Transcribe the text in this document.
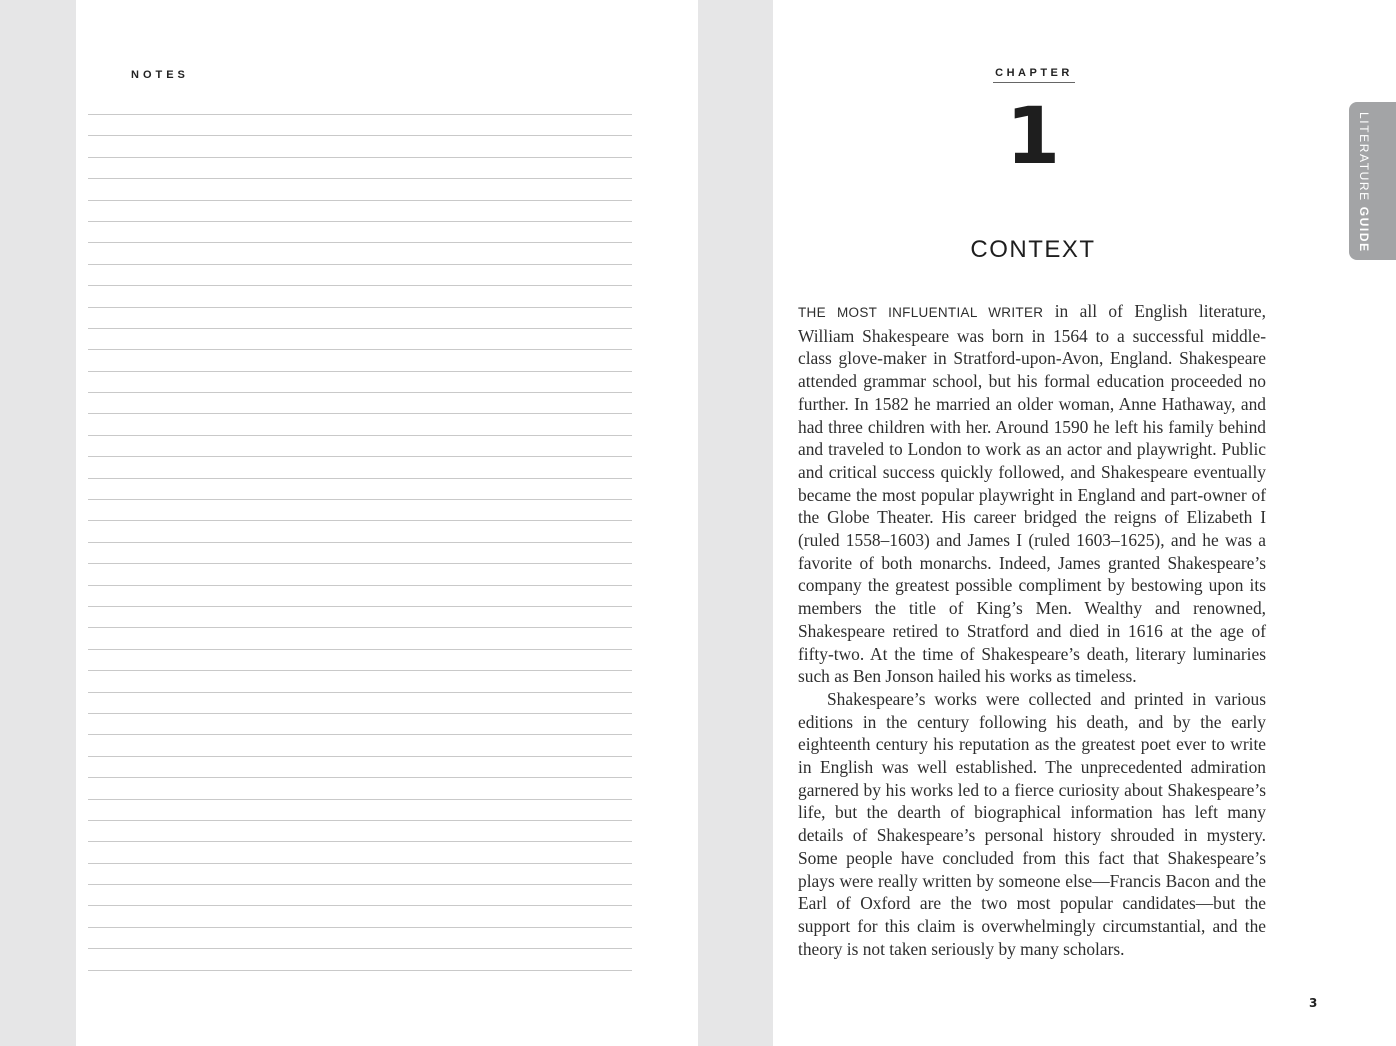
NOTES	CHAPTER
1
CONTEXT

THE MOST INFLUENTIAL WRITER in all of English literature, William Shakespeare was born in 1564 to a successful middle-class glove-maker in Stratford-upon-Avon, England. Shakespeare attended grammar school, but his formal education proceeded no further. In 1582 he married an older woman, Anne Hathaway, and had three children with her. Around 1590 he left his family behind and traveled to London to work as an actor and playwright. Public and critical success quickly followed, and Shakespeare eventually became the most popular playwright in England and part-owner of the Globe Theater. His career bridged the reigns of Elizabeth I (ruled 1558–1603) and James I (ruled 1603–1625), and he was a favorite of both monarchs. Indeed, James granted Shakespeare’s company the greatest possible compliment by bestowing upon its members the title of King’s Men. Wealthy and renowned, Shakespeare retired to Stratford and died in 1616 at the age of fifty-two. At the time of Shakespeare’s death, literary luminaries such as Ben Jonson hailed his works as timeless.

Shakespeare’s works were collected and printed in various editions in the century following his death, and by the early eighteenth century his reputation as the greatest poet ever to write in English was well established. The unprecedented admiration garnered by his works led to a fierce curiosity about Shakespeare’s life, but the dearth of biographical information has left many details of Shakespeare’s personal history shrouded in mystery. Some people have concluded from this fact that Shakespeare’s plays were really written by someone else—Francis Bacon and the Earl of Oxford are the two most popular candidates—but the support for this claim is overwhelmingly circumstantial, and the theory is not taken seriously by many scholars.

3
LITERATURE GUIDE
